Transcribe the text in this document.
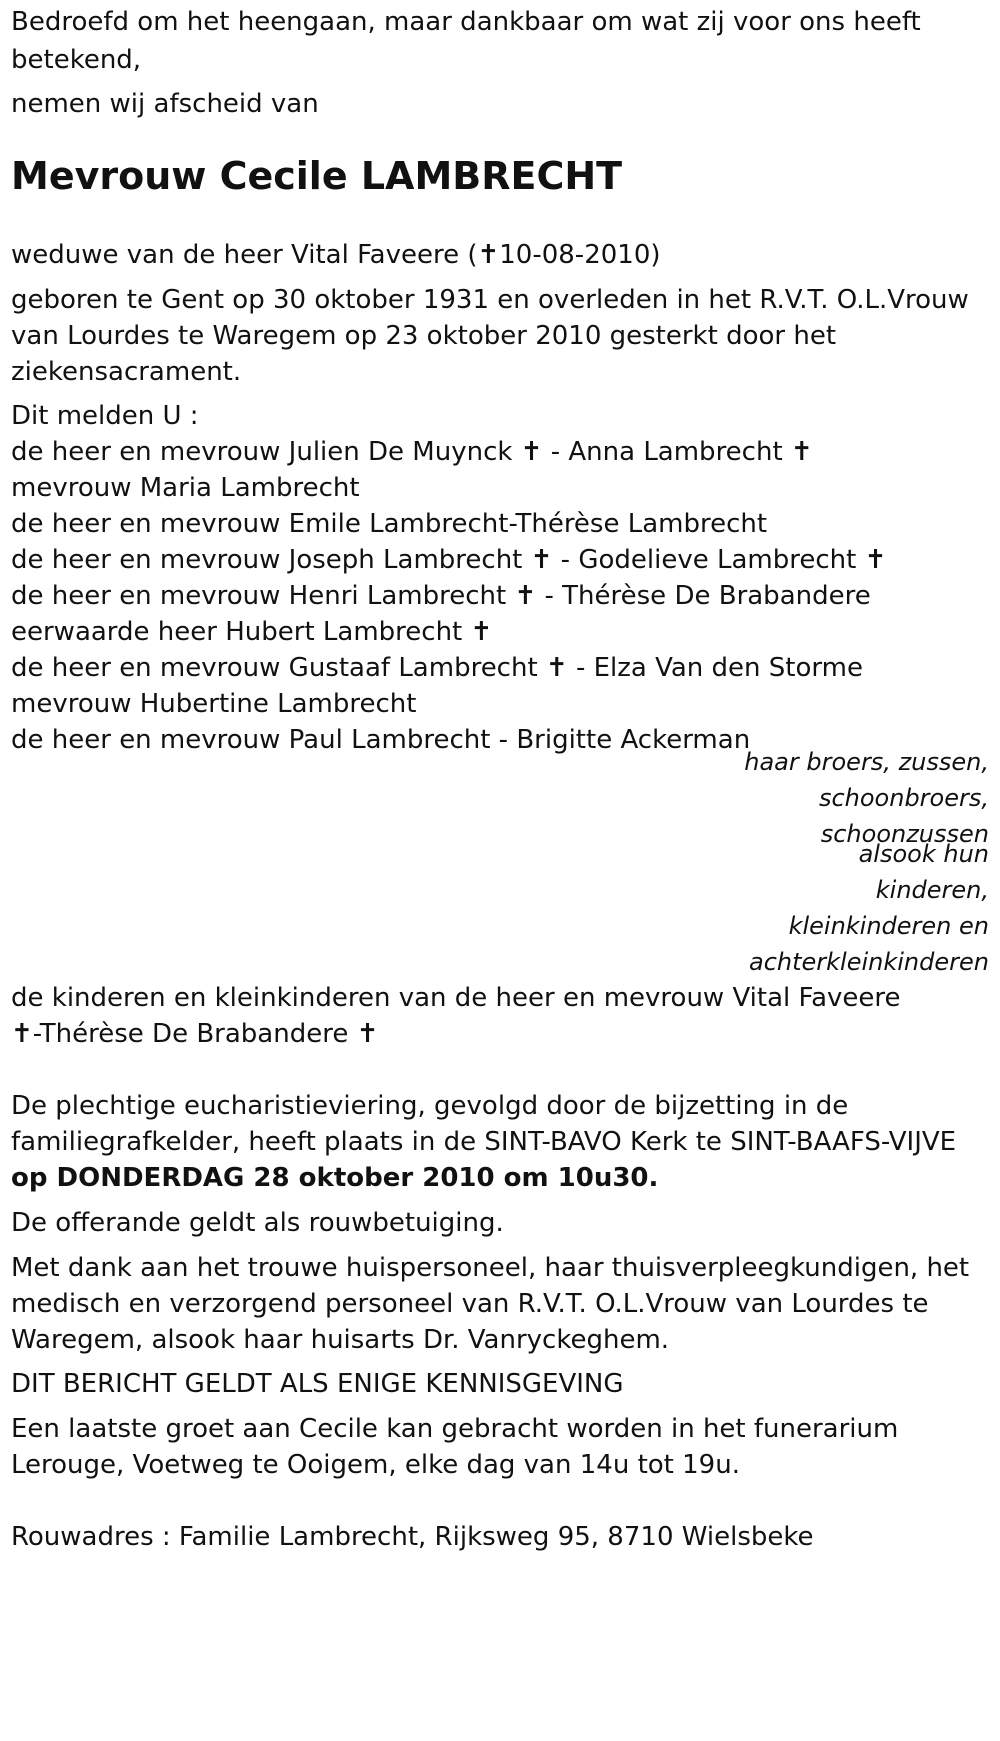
Bedroefd om het heengaan, maar dankbaar om wat zij voor ons heeft

betekend,

nemen wij afscheid van

Mevrouw Cecile LAMBRECHT

weduwe van de heer Vital Faveere (✝10-08-2010)

geboren te Gent op 30 oktober 1931 en overleden in het R.V.T. O.L.Vrouw

van Lourdes te Waregem op 23 oktober 2010 gesterkt door het

ziekensacrament.

Dit melden U :

de heer en mevrouw Julien De Muynck ✝ - Anna Lambrecht ✝

mevrouw Maria Lambrecht

de heer en mevrouw Emile Lambrecht-Thérèse Lambrecht

de heer en mevrouw Joseph Lambrecht ✝ - Godelieve Lambrecht ✝

de heer en mevrouw Henri Lambrecht ✝ - Thérèse De Brabandere

eerwaarde heer Hubert Lambrecht ✝

de heer en mevrouw Gustaaf Lambrecht ✝ - Elza Van den Storme

mevrouw Hubertine Lambrecht

de heer en mevrouw Paul Lambrecht - Brigitte Ackerman

haar broers, zussen,

schoonbroers,

schoonzussen

alsook hun

kinderen,

kleinkinderen en

achterkleinkinderen

de kinderen en kleinkinderen van de heer en mevrouw Vital Faveere

✝-Thérèse De Brabandere ✝

De plechtige eucharistieviering, gevolgd door de bijzetting in de

familiegrafkelder, heeft plaats in de SINT-BAVO Kerk te SINT-BAAFS-VIJVE

op DONDERDAG 28 oktober 2010 om 10u30.

De offerande geldt als rouwbetuiging.

Met dank aan het trouwe huispersoneel, haar thuisverpleegkundigen, het

medisch en verzorgend personeel van R.V.T. O.L.Vrouw van Lourdes te

Waregem, alsook haar huisarts Dr. Vanryckeghem.

DIT BERICHT GELDT ALS ENIGE KENNISGEVING

Een laatste groet aan Cecile kan gebracht worden in het funerarium

Lerouge, Voetweg te Ooigem, elke dag van 14u tot 19u.

Rouwadres : Familie Lambrecht, Rijksweg 95, 8710 Wielsbeke
